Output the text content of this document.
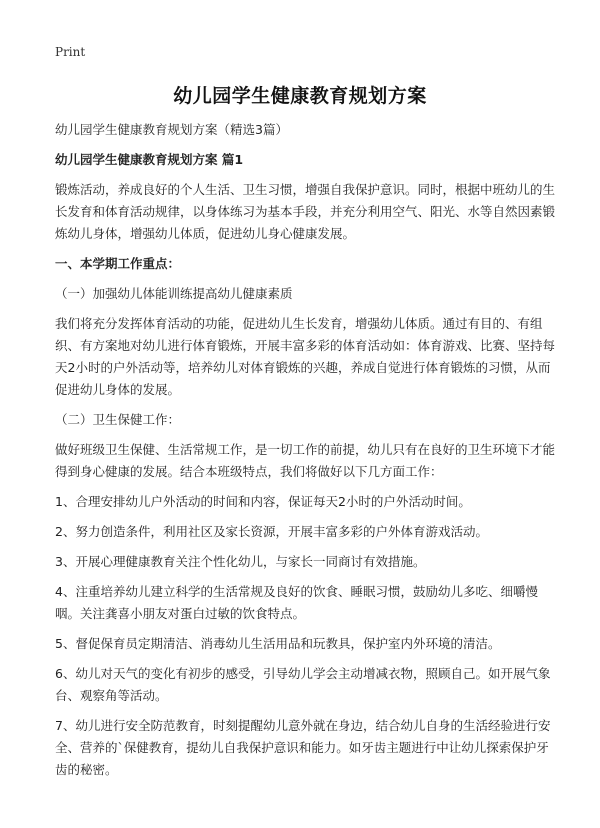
Print
幼儿园学生健康教育规划方案

幼儿园学生健康教育规划方案（精选3篇）

幼儿园学生健康教育规划方案 篇1

锻炼活动，养成良好的个人生活、卫生习惯，增强自我保护意识。同时，根据中班幼儿的生长发育和体育活动规律，以身体练习为基本手段，并充分利用空气、阳光、水等自然因素锻炼幼儿身体，增强幼儿体质，促进幼儿身心健康发展。

一、本学期工作重点：

（一）加强幼儿体能训练提高幼儿健康素质

我们将充分发挥体育活动的功能，促进幼儿生长发育，增强幼儿体质。通过有目的、有组织、有方案地对幼儿进行体育锻炼，开展丰富多彩的体育活动如：体育游戏、比赛、坚持每天2小时的户外活动等，培养幼儿对体育锻炼的兴趣，养成自觉进行体育锻炼的习惯，从而促进幼儿身体的发展。

（二）卫生保健工作：

做好班级卫生保健、生活常规工作，是一切工作的前提，幼儿只有在良好的卫生环境下才能得到身心健康的发展。结合本班级特点，我们将做好以下几方面工作：

1、合理安排幼儿户外活动的时间和内容，保证每天2小时的户外活动时间。

2、努力创造条件，利用社区及家长资源，开展丰富多彩的户外体育游戏活动。

3、开展心理健康教育关注个性化幼儿，与家长一同商讨有效措施。

4、注重培养幼儿建立科学的生活常规及良好的饮食、睡眠习惯，鼓励幼儿多吃、细嚼慢咽。关注龚喜小朋友对蛋白过敏的饮食特点。

5、督促保育员定期清洁、消毒幼儿生活用品和玩教具，保护室内外环境的清洁。

6、幼儿对天气的变化有初步的感受，引导幼儿学会主动增减衣物，照顾自己。如开展气象台、观察角等活动。

7、幼儿进行安全防范教育，时刻提醒幼儿意外就在身边，结合幼儿自身的生活经验进行安全、营养的`保健教育，提幼儿自我保护意识和能力。如牙齿主题进行中让幼儿探索保护牙齿的秘密。
